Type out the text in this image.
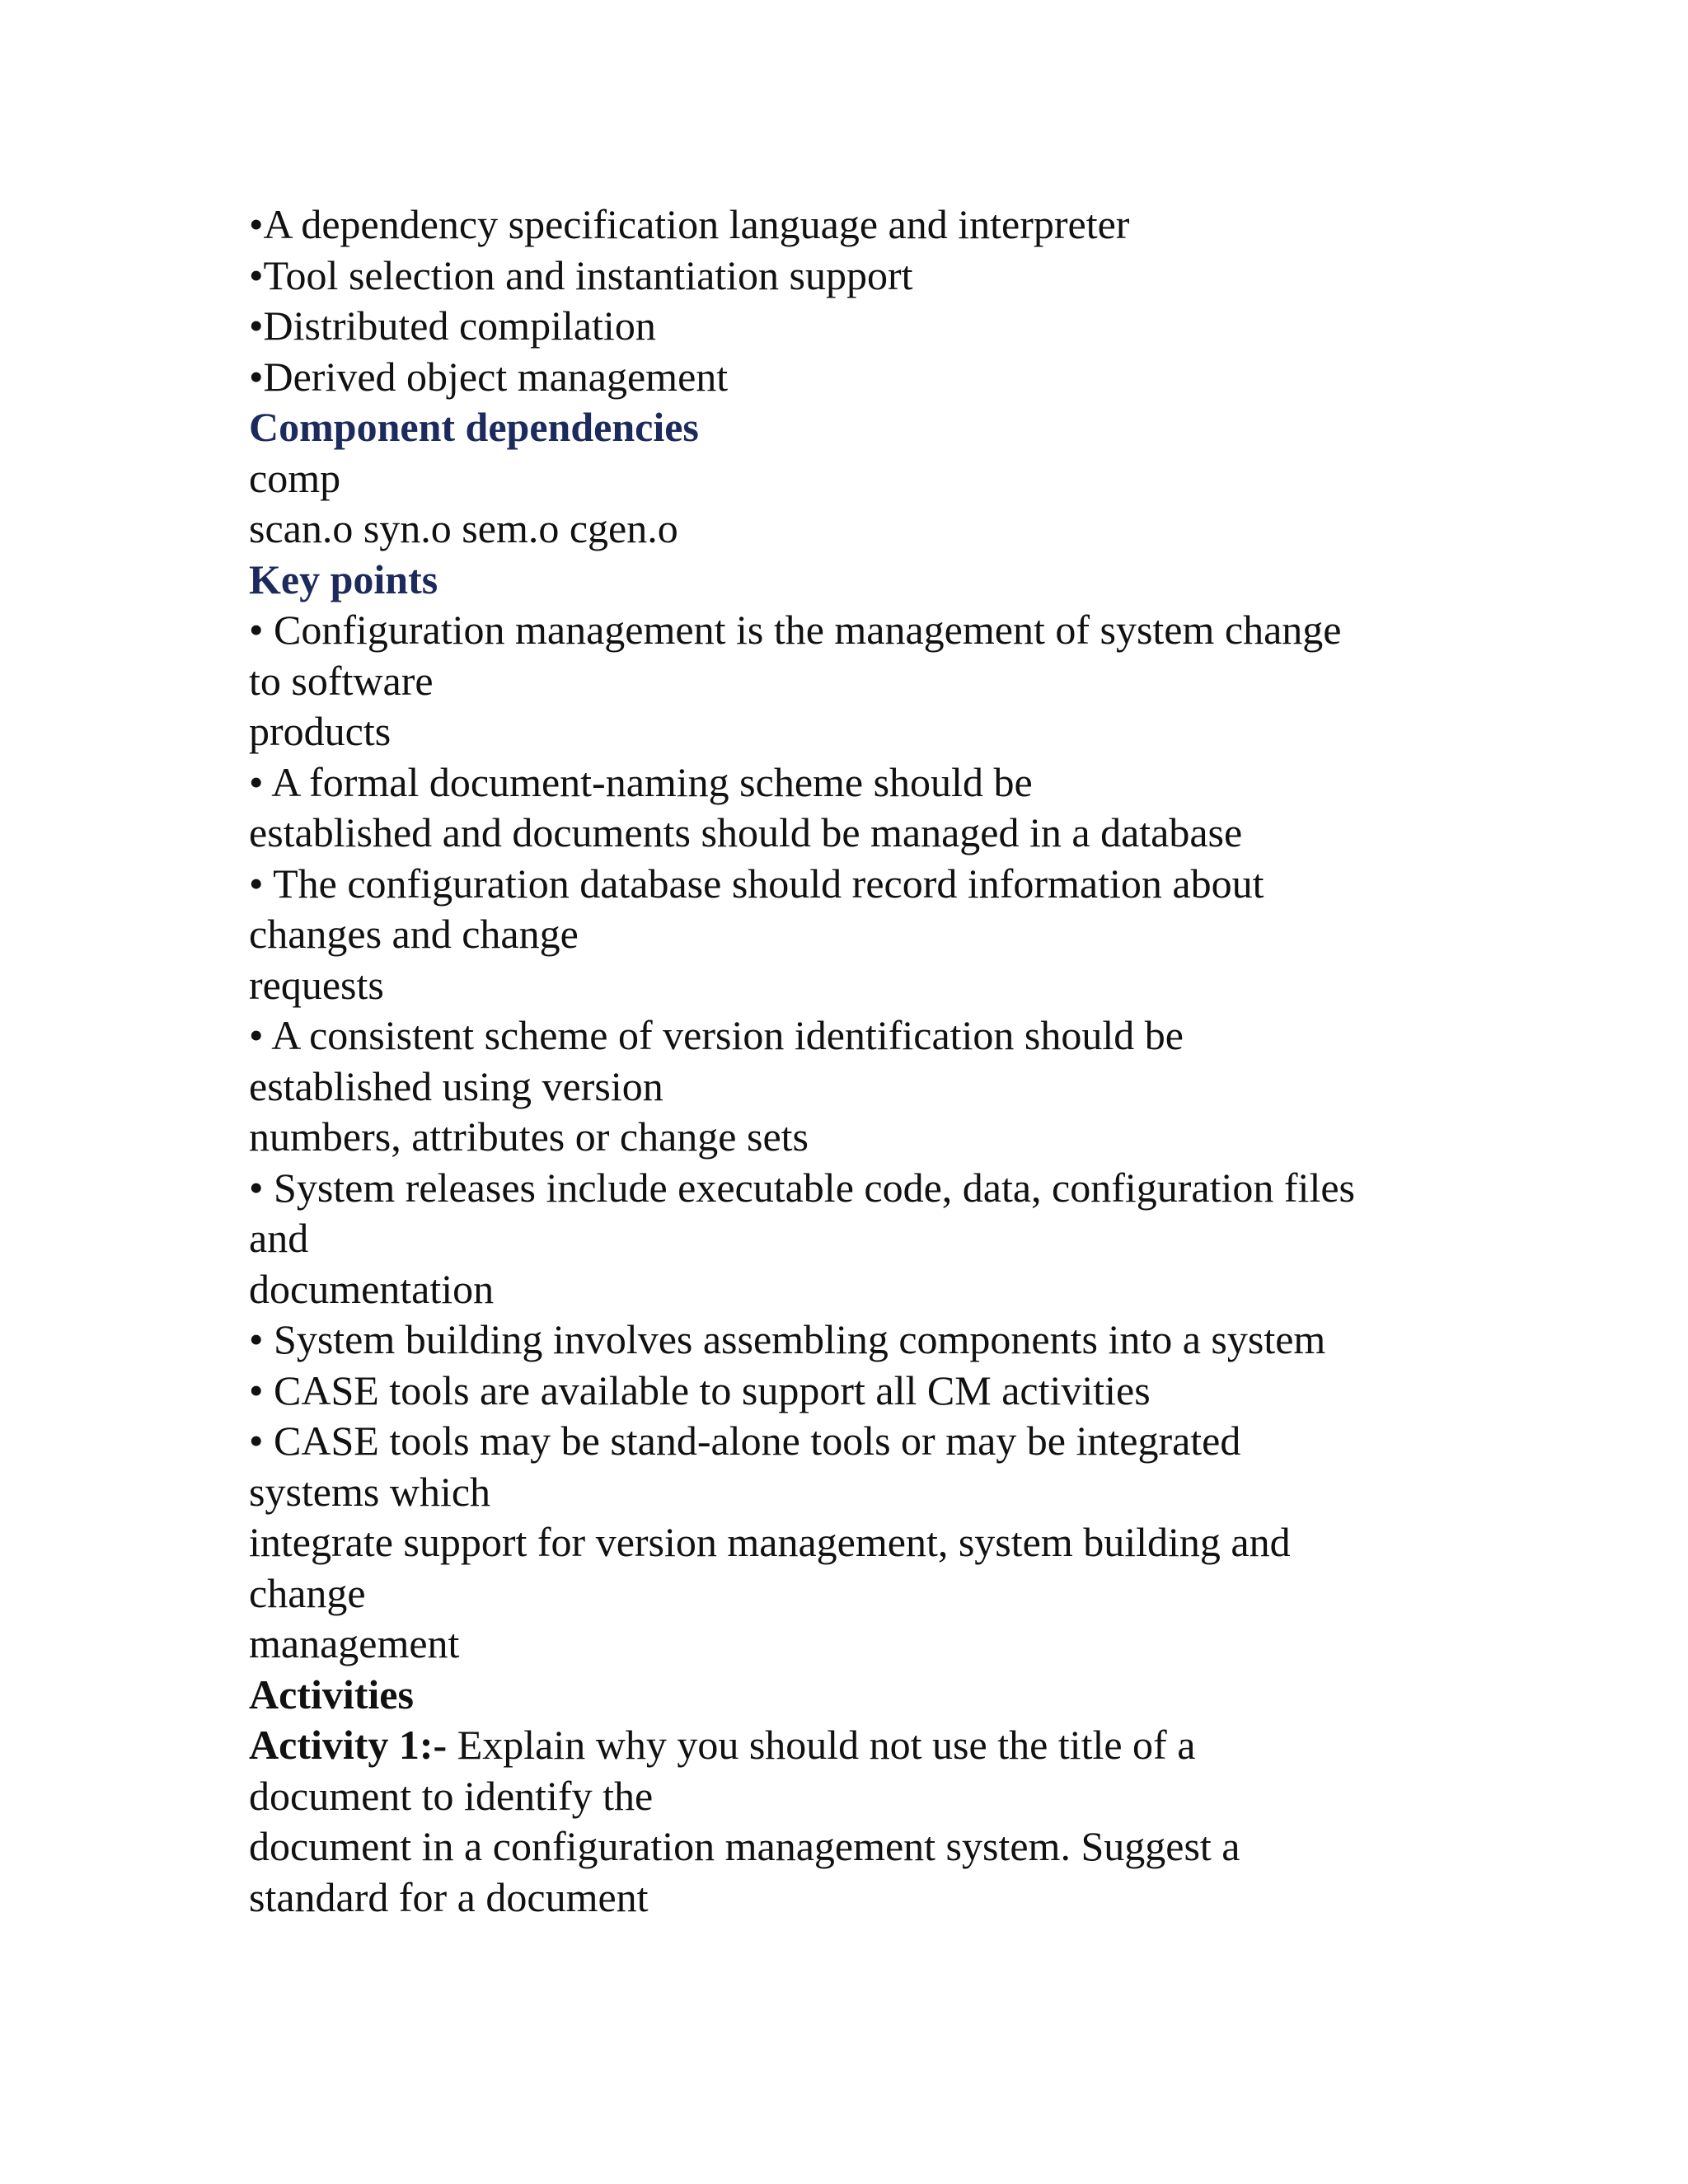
•A dependency specification language and interpreter
•Tool selection and instantiation support
•Distributed compilation
•Derived object management
Component dependencies
comp
scan.o syn.o sem.o cgen.o
Key points
• Configuration management is the management of system change
to software
products
• A formal document-naming scheme should be
established and documents should be managed in a database
• The configuration database should record information about
changes and change
requests
• A consistent scheme of version identification should be
established using version
numbers, attributes or change sets
• System releases include executable code, data, configuration files
and
documentation
• System building involves assembling components into a system
• CASE tools are available to support all CM activities
• CASE tools may be stand-alone tools or may be integrated
systems which
integrate support for version management, system building and
change
management
Activities
Activity 1:- Explain why you should not use the title of a
document to identify the
document in a configuration management system. Suggest a
standard for a document
